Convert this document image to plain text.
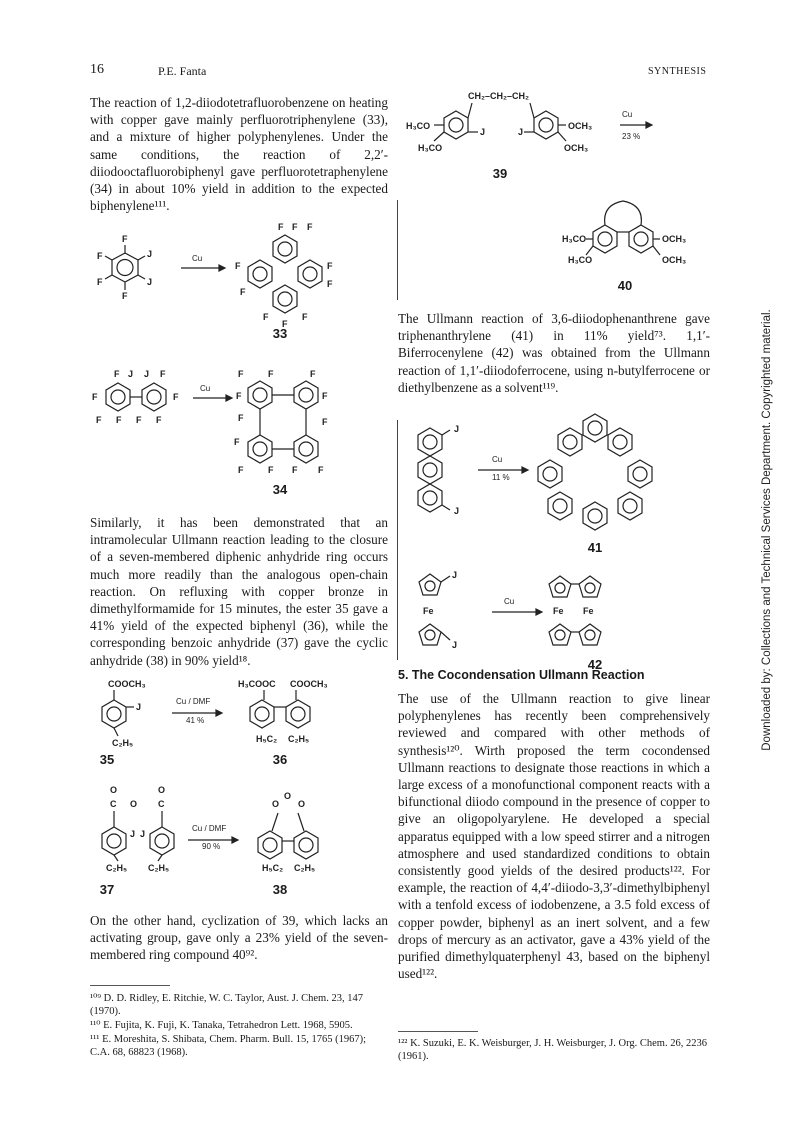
16	P.E. Fanta	SYNTHESIS
Downloaded by: Collections and Technical Services Department. Copyrighted material.

The reaction of 1,2-diiodotetrafluorobenzene on heating with copper gave mainly perfluorotriphenylene (33), and a mixture of higher polyphenylenes. Under the same conditions, the reaction of 2,2′-diiodooctafluorobiphenyl gave perfluorotetraphenylene (34) in about 10% yield in addition to the expected biphenylene¹¹¹.

Similarly, it has been demonstrated that an intramolecular Ullmann reaction leading to the closure of a seven-membered diphenic anhydride ring occurs much more readily than the analogous open-chain reaction. On refluxing with copper bronze in dimethylformamide for 15 minutes, the ester 35 gave a 41% yield of the expected biphenyl (36), while the corresponding benzoic anhydride (37) gave the cyclic anhydride (38) in 90% yield¹⁸.

On the other hand, cyclization of 39, which lacks an activating group, gave only a 23% yield of the seven-membered ring compound 40⁹².

¹⁰⁹ D. D. Ridley, E. Ritchie, W. C. Taylor, Aust. J. Chem. 23, 147 (1970).

¹¹⁰ E. Fujita, K. Fuji, K. Tanaka, Tetrahedron Lett. 1968, 5905.

¹¹¹ E. Moreshita, S. Shibata, Chem. Pharm. Bull. 15, 1765 (1967); C.A. 68, 68823 (1968).

The Ullmann reaction of 3,6-diiodophenanthrene gave triphenanthrylene (41) in 11% yield⁷³. 1,1′-Biferrocenylene (42) was obtained from the Ullmann reaction of 1,1′-diiodoferrocene, using n-butylferrocene or diethylbenzene as a solvent¹¹⁹.

5. The Cocondensation Ullmann Reaction

The use of the Ullmann reaction to give linear polyphenylenes has recently been comprehensively reviewed and compared with other methods of synthesis¹²⁰. Wirth proposed the term cocondensed Ullmann reactions to designate those reactions in which a large excess of a monofunctional component reacts with a bifunctional diiodo compound in the presence of copper to give an oligopolyarylene. He developed a special apparatus equipped with a low speed stirrer and a nitrogen atmosphere and used standardized conditions to obtain consistently good yields of the desired products¹²². For example, the reaction of 4,4′-diiodo-3,3′-dimethylbiphenyl with a tenfold excess of iodobenzene, a 3.5 fold excess of copper powder, biphenyl as an inert solvent, and a few drops of mercury as an activator, gave a 43% yield of the purified dimethylquaterphenyl 43, based on the biphenyl used¹²².

¹²² K. Suzuki, E. K. Weisburger, J. H. Weisburger, J. Org. Chem. 26, 2236 (1961).

F
F
F
F
J
J
F F F
F	F
F
F
F	F
F
Cu
33
F J J F
F	F
F F F F
F	F	F
F	F
F	F
F
F	F F F
Cu
34
COOCH₃
J
C₂H₅
H₃COOC COOCH₃
H₅C₂ C₂H₅
Cu / DMF
41 %
35	36
O	O
C O C
J J
C₂H₅ C₂H₅
O
O
O
H₅C₂ C₂H₅
Cu / DMF
90 %
37	38
CH₂–CH₂–CH₂
H₃CO
H₃CO
J	J
OCH₃
OCH₃
Cu
23 %
39
H₃CO
H₃CO
OCH₃
OCH₃
40
J
J
Cu
11 %
41
Fe
J
J
Fe Fe
Cu
42
